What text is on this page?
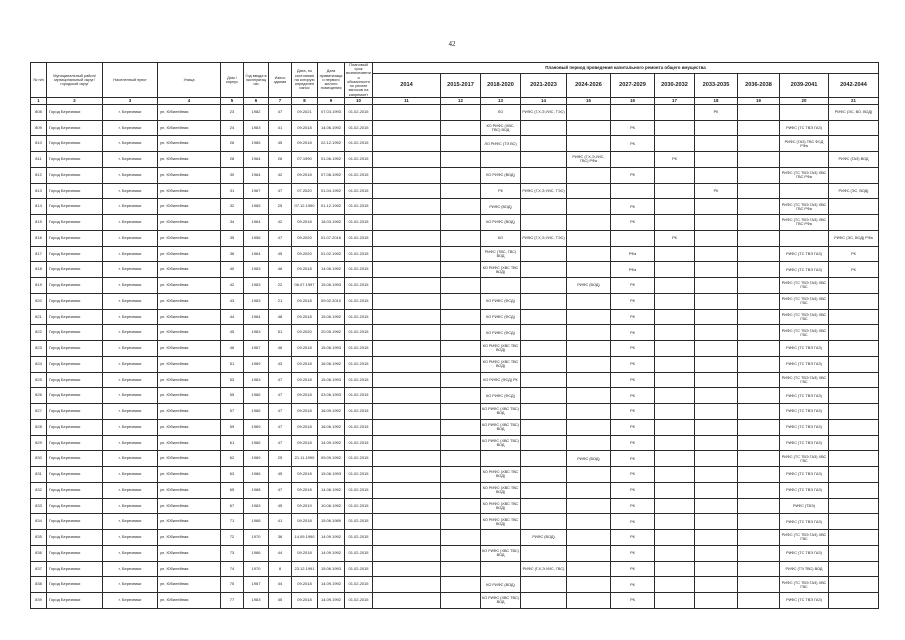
42
№ п/п	Муниципальный район/муниципальный округ/городской округ	Населенный пункт	Улица	Дом / корпус	Год ввода в эксплуатацию	Износ здания	Дата, по состоянию на которую определен износ	Дата приватизации первого жилого помещения	Плановый срок возникновения обязанности по уплате взносов на капремонт	Плановый период проведения капитального ремонта общего имущества										
										2014	2015-2017	2018-2020	2021-2023	2024-2026	2027-2029	2030-2032	2033-2035	2036-2038	2039-2041	2042-2044
1	2	3	4	5	6	7	8	9	10	11	12	13	14	15	16	17	18	19	20	21
808	Город Березники	г. Березники	ул. Юбилейная	23	1982	47	09.2021	07.03.1993	01.02.2015			ЛО	РИФС (Г,Х,Э,УИС, ТЭС)				РК			РИФС (ЭС, ВО, ВОД)
809	Город Березники	г. Березники	ул. Юбилейная	24	1963	41	09.2018	14.06.1992	01.02.2015			КО РИФС (ХВС, ТВС) ВОД			РК				РИФС (ТС ТВЭ ГАЗ)	
810	Город Березники	г. Березники	ул. Юбилейная	26	1965	45	09.2018	22.12.1992	01.02.2015			ЛО РИФС (ТЭ ВС)			РК				РИФС (ГАЗ) ТВС ФСД РФа	
811	Город Березники	г. Березники	ул. Юбилейная	28	1964	26	07.1990	01.06.1992	01.02.2015					РИФС (Г,Х,Э,УИС, ГВС) РФа		РК				РИФС (ГАЗ) ВОД
812	Город Березники	г. Березники	ул. Юбилейная	30	1964	42	09.2018	07.08.1992	01.02.2015			КО РИФС (ВОД)			РК				РИФС (ТС ТВЭ ГАЗ) ХВС ГВС РФа	
813	Город Березники	г. Березники	ул. Юбилейная	31	1967	47	07.2020	01.04.1992	01.02.2015			РК	РИФС (Г,Х,Э,УИС, ТЭС)				РК			РИФС (ЭС, ВОД)
814	Город Березники	г. Березники	ул. Юбилейная	32	1965	25	07.12.1990	01.12.1992	01.02.2015			РИФС (ВОД)			РК				РИФС (ТС ТВЭ ГАЗ) ХВС ГВС РФа	
815	Город Березники	г. Березники	ул. Юбилейная	34	1964	42	09.2018	18.03.1992	01.02.2015			КО РИФС (ВОД)			РК				РИФС (ТС ТВЭ ГАЗ) ХВС ГВС РФа	
816	Город Березники	г. Березники	ул. Юбилейная	35	1956	47	09.2020	01.07.2016	01.02.2015			КО	РИФС (Г,Х,Э,УИС, ТЭС)			РК				РИФС (ЭС, ВОД) РФа
817	Город Березники	г. Березники	ул. Юбилейная	36	1964	45	09.2020	01.02.1992	01.02.2015			РИФС (ТВС, ГВС) ВОД			РФа				РИФС (ТС ТВЭ ГАЗ)	РК
818	Город Березники	г. Березники	ул. Юбилейная	40	1963	46	09.2018	14.06.1992	01.02.2015			КО РИФС (ХВС ТВС ВОД)			РФа				РИФС (ТС ТВЭ ГАЗ)	РК
819	Город Березники	г. Березники	ул. Юбилейная	42	1963	22	06.07.1997	15.06.1993	01.02.2015					РИФС (ВОД)	РК				РИФС (ТС ТВЭ ГАЗ) ХВС ГВС	
820	Город Березники	г. Березники	ул. Юбилейная	43	1963	21	09.2018	09.02.2010	01.02.2015			КО РИФС (ФСД)			РК				РИФС (ТС ТВЭ ГАЗ) ХВС ГВС	
821	Город Березники	г. Березники	ул. Юбилейная	44	1964	48	09.2018	15.06.1992	01.02.2015			КО РИФС (ФСД)			РК				РИФС (ТС ТВЭ ГАЗ) ХВС ГВС	
822	Город Березники	г. Березники	ул. Юбилейная	45	1963	51	09.2020	20.05.1992	01.02.2015			КО РИФС (ФСД)			РК				РИФС (ТС ТВЭ ГАЗ) ХВС ГВС	
823	Город Березники	г. Березники	ул. Юбилейная	46	1967	46	09.2018	15.06.1993	01.02.2015			КО РИФС (ХВС ТВС ВОД)			РК				РИФС (ТС ТВЭ ГАЗ)	
824	Город Березники	г. Березники	ул. Юбилейная	51	1969	43	09.2018	16.06.1992	01.02.2015			КО РИФС (ХВС ТВС ВОД)			РК				РИФС (ТС ТВЭ ГАЗ)	
825	Город Березники	г. Березники	ул. Юбилейная	53	1963	47	09.2018	15.06.1993	01.02.2015			КО РИФС (ФСД) РК			РК				РИФС (ТС ТВЭ ГАЗ) ХВС ГВС	
826	Город Березники	г. Березники	ул. Юбилейная	55	1966	47	09.2018	03.06.1993	01.02.2015			КО РИФС (ФСД)			РК				РИФС (ТС ТВЭ ГАЗ)	
827	Город Березники	г. Березники	ул. Юбилейная	57	1966	47	09.2018	16.09.1992	01.02.2015			КО РИФС (ХВС ТВС) ВОД			РК				РИФС (ТС ТВЭ ГАЗ)	
828	Город Березники	г. Березники	ул. Юбилейная	59	1969	47	09.2018	16.06.1992	01.02.2015			КО РИФС (ХВС ТВС) ВОД			РК				РИФС (ТС ТВЭ ГАЗ)	
829	Город Березники	г. Березники	ул. Юбилейная	61	1966	47	09.2018	14.09.1992	01.02.2015			КО РИФС (ХВС ТВС) ВОД			РК				РИФС (ТС ТВЭ ГАЗ)	
830	Город Березники	г. Березники	ул. Юбилейная	62	1969	25	21.11.1990	09.09.1992	01.02.2015					РИФС (ВОД)	РК				РИФС (ТС ТВЭ ГАЗ) ХВС ГВС	
831	Город Березники	г. Березники	ул. Юбилейная	63	1966	45	09.2018	15.06.1993	01.02.2015			КО РИФС (ХВС ТВС ВОД)			РК				РИФС (ТС ТВЭ ГАЗ)	
832	Город Березники	г. Березники	ул. Юбилейная	65	1968	47	09.2018	14.06.1992	01.02.2015			КО РИФС (ХВС ТВС ВОД)			РК				РИФС (ТС ТВЭ ГАЗ)	
833	Город Березники	г. Березники	ул. Юбилейная	67	1963	45	09.2019	10.06.1992	01.02.2015			КО РИФС (ХВС ТВС ВОД)			РК				РИФС (ТВЭ)	
834	Город Березники	г. Березники	ул. Юбилейная	71	1968	41	09.2018	15.06.1989	01.02.2015			КО РИФС (ХВС ТВС ВОД)			РК				РИФС (ТС ТВЭ ГАЗ)	
835	Город Березники	г. Березники	ул. Юбилейная	72	1970	36	14.09.1990	14.09.1992	01.02.2015				РИФС (ВОД)		РК				РИФС (ТС ТВЭ ГАЗ) ХВС ГВС	
836	Город Березники	г. Березники	ул. Юбилейная	73	1966	44	09.2018	14.09.1992	01.02.2015			КО РИФС (ХВС ТВС) ВОД			РК				РИФС (ТС ТВЭ ГАЗ)	
837	Город Березники	г. Березники	ул. Юбилейная	74	1970	8	23.12.1991	15.06.1993	01.02.2015				РИФС (Г,Х,Э,УИС, ГВС)		РК				РИФС (ТЭ ТВС) ВОД	
838	Город Березники	г. Березники	ул. Юбилейная	75	1967	44	09.2018	14.09.1992	01.02.2015			КО РИФС (ВОД)			РК				РИФС (ТС ТВЭ ГАЗ) ХВС ГВС	
839	Город Березники	г. Березники	ул. Юбилейная	77	1963	45	09.2018	14.09.1992	01.02.2015			КО РИФС (ХВС ТВС) ВОД			РК				РИФС (ТС ТВЭ ГАЗ)	
